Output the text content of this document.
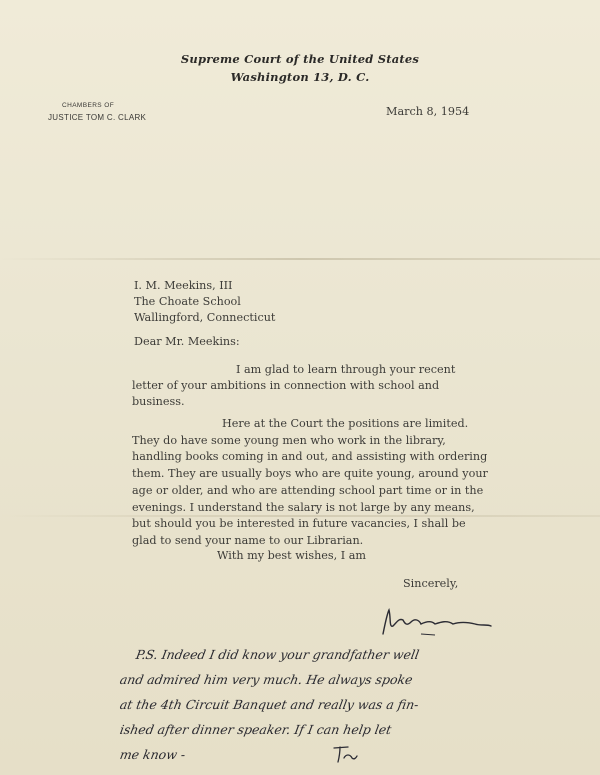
Supreme Court of the United States
Washington 13, D. C.
CHAMBERS OF
JUSTICE TOM C. CLARK	March 8, 1954
I. M. Meekins, III
The Choate School
Wallingford, Connecticut
Dear Mr. Meekins:
I am glad to learn through your recent
letter of your ambitions in connection with school and
business.
Here at the Court the positions are limited.
They do have some young men who work in the library,
handling books coming in and out, and assisting with ordering
them. They are usually boys who are quite young, around your
age or older, and who are attending school part time or in the
evenings. I understand the salary is not large by any means,
but should you be interested in future vacancies, I shall be
glad to send your name to our Librarian.
With my best wishes, I am
Sincerely,
P.S. Indeed I did know your grandfather well
and admired him very much. He always spoke
at the 4th Circuit Banquet and really was a fin-
ished after dinner speaker. If I can help let
me know -
